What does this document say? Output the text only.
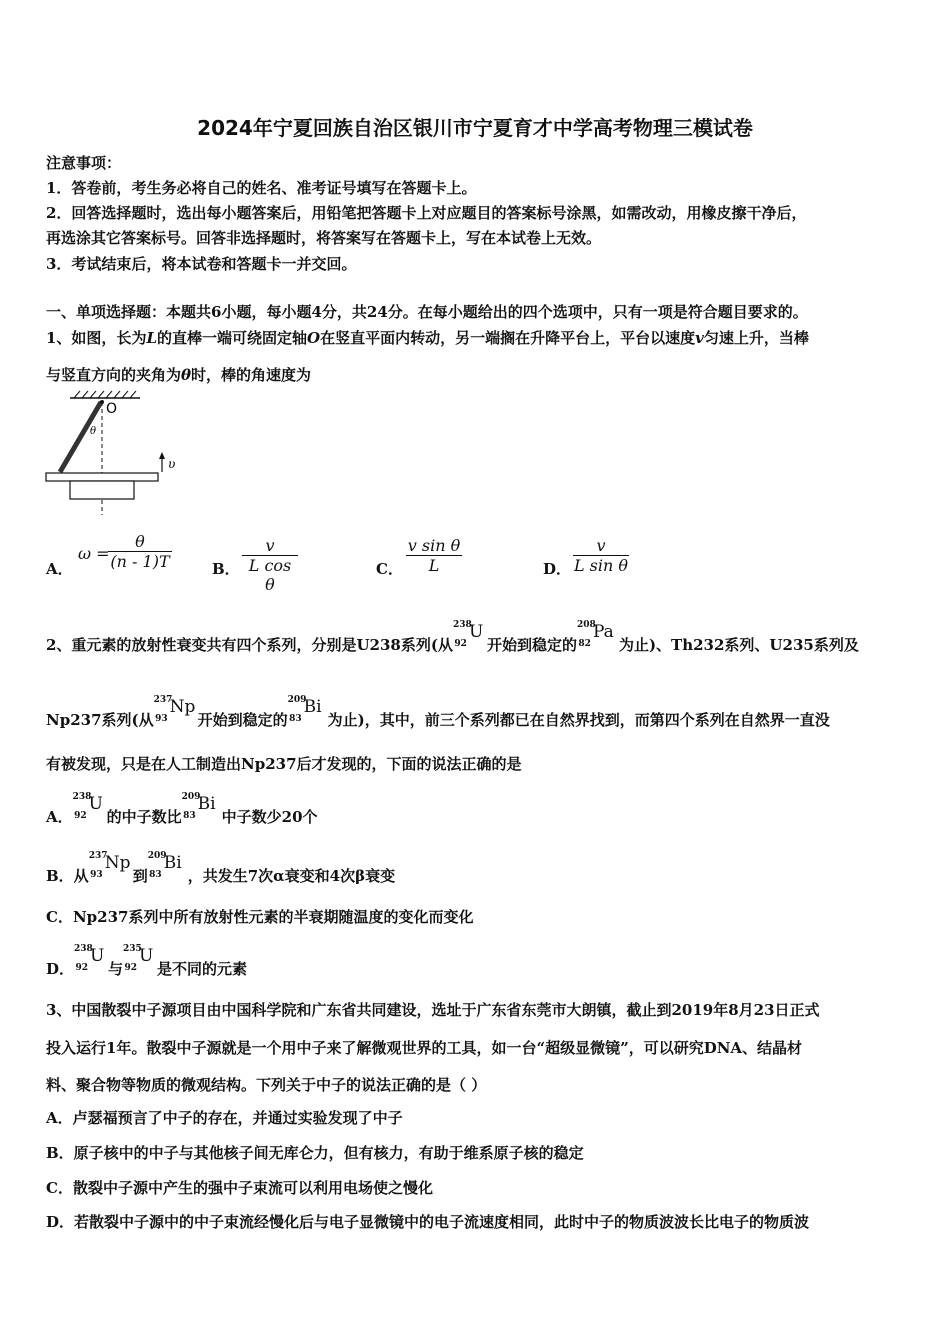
2024年宁夏回族自治区银川市宁夏育才中学高考物理三模试卷
注意事项：
1．答卷前，考生务必将自己的姓名、准考证号填写在答题卡上。
2．回答选择题时，选出每小题答案后，用铅笔把答题卡上对应题目的答案标号涂黑，如需改动，用橡皮擦干净后，
再选涂其它答案标号。回答非选择题时，将答案写在答题卡上，写在本试卷上无效。
3．考试结束后，将本试卷和答题卡一并交回。
一、单项选择题：本题共6小题，每小题4分，共24分。在每小题给出的四个选项中，只有一项是符合题目要求的。
1、如图，长为L的直棒一端可绕固定轴O在竖直平面内转动，另一端搁在升降平台上，平台以速度v匀速上升，当棒
与竖直方向的夹角为θ时，棒的角速度为
O
θ
υ
A．
ω =
$\frac{\theta}{(n - 1)T}$	B． $\frac{v}{\text{L cos θ}}$	C． $\frac{\text{v sin θ}}{L}$	D． $\frac{v}{\text{L sin θ}}$
2、重元素的放射性衰变共有四个系列，分别是U238系列(从
238
92
U
开始到稳定的
208
82
Pa
为止)、Th232系列、U235系列及
Np237系列(从
237
93
Np
开始到稳定的
209
83
Bi
为止)，其中，前三个系列都已在自然界找到，而第四个系列在自然界一直没
有被发现，只是在人工制造出Np237后才发现的，下面的说法正确的是
A．
238
92
U
的中子数比
209
83
Bi
中子数少20个
B．从
237
93
Np
到
209
83
Bi
，共发生7次α衰变和4次β衰变
C．Np237系列中所有放射性元素的半衰期随温度的变化而变化
D．
238
92
U
与
235
92
U
是不同的元素
3、中国散裂中子源项目由中国科学院和广东省共同建设，选址于广东省东莞市大朗镇，截止到2019年8月23日正式
投入运行1年。散裂中子源就是一个用中子来了解微观世界的工具，如一台“超级显微镜”，可以研究DNA、结晶材
料、聚合物等物质的微观结构。下列关于中子的说法正确的是（ ）
A．卢瑟福预言了中子的存在，并通过实验发现了中子
B．原子核中的中子与其他核子间无库仑力，但有核力，有助于维系原子核的稳定
C．散裂中子源中产生的强中子束流可以利用电场使之慢化
D．若散裂中子源中的中子束流经慢化后与电子显微镜中的电子流速度相同，此时中子的物质波波长比电子的物质波
